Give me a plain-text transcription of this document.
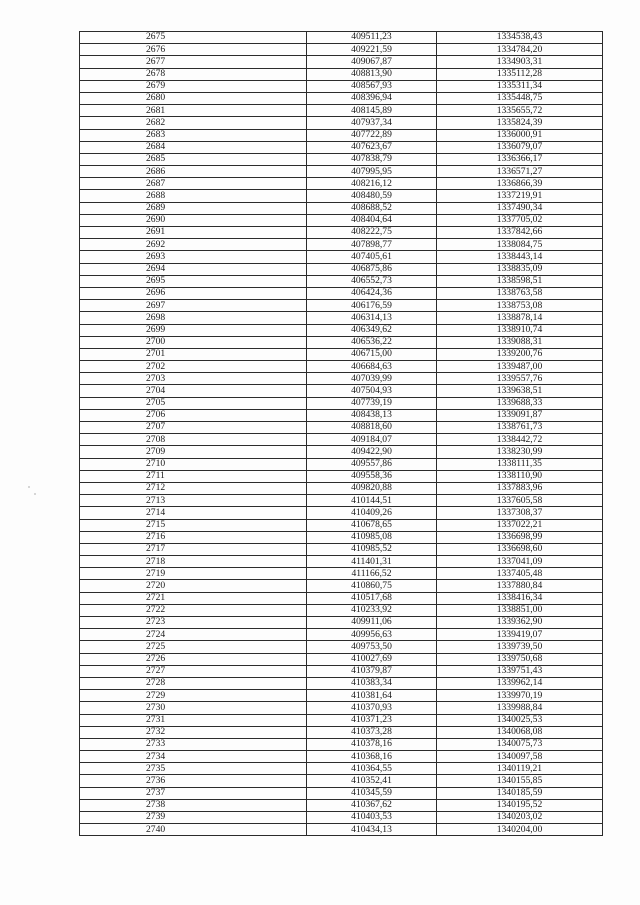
2675	409511,23	1334538,43
2676	409221,59	1334784,20
2677	409067,87	1334903,31
2678	408813,90	1335112,28
2679	408567,93	1335311,34
2680	408396,94	1335448,75
2681	408145,89	1335655,72
2682	407937,34	1335824,39
2683	407722,89	1336000,91
2684	407623,67	1336079,07
2685	407838,79	1336366,17
2686	407995,95	1336571,27
2687	408216,12	1336866,39
2688	408480,59	1337219,91
2689	408688,52	1337490,34
2690	408404,64	1337705,02
2691	408222,75	1337842,66
2692	407898,77	1338084,75
2693	407405,61	1338443,14
2694	406875,86	1338835,09
2695	406552,73	1338598,51
2696	406424,36	1338763,58
2697	406176,59	1338753,08
2698	406314,13	1338878,14
2699	406349,62	1338910,74
2700	406536,22	1339088,31
2701	406715,00	1339200,76
2702	406684,63	1339487,00
2703	407039,99	1339557,76
2704	407504,93	1339638,51
2705	407739,19	1339688,33
2706	408438,13	1339091,87
2707	408818,60	1338761,73
2708	409184,07	1338442,72
2709	409422,90	1338230,99
2710	409557,86	1338111,35
2711	409558,36	1338110,90
2712	409820,88	1337883,96
2713	410144,51	1337605,58
2714	410409,26	1337308,37
2715	410678,65	1337022,21
2716	410985,08	1336698,99
2717	410985,52	1336698,60
2718	411401,31	1337041,09
2719	411166,52	1337405,48
2720	410860,75	1337880,84
2721	410517,68	1338416,34
2722	410233,92	1338851,00
2723	409911,06	1339362,90
2724	409956,63	1339419,07
2725	409753,50	1339739,50
2726	410027,69	1339750,68
2727	410379,87	1339751,43
2728	410383,34	1339962,14
2729	410381,64	1339970,19
2730	410370,93	1339988,84
2731	410371,23	1340025,53
2732	410373,28	1340068,08
2733	410378,16	1340075,73
2734	410368,16	1340097,58
2735	410364,55	1340119,21
2736	410352,41	1340155,85
2737	410345,59	1340185,59
2738	410367,62	1340195,52
2739	410403,53	1340203,02
2740	410434,13	1340204,00
